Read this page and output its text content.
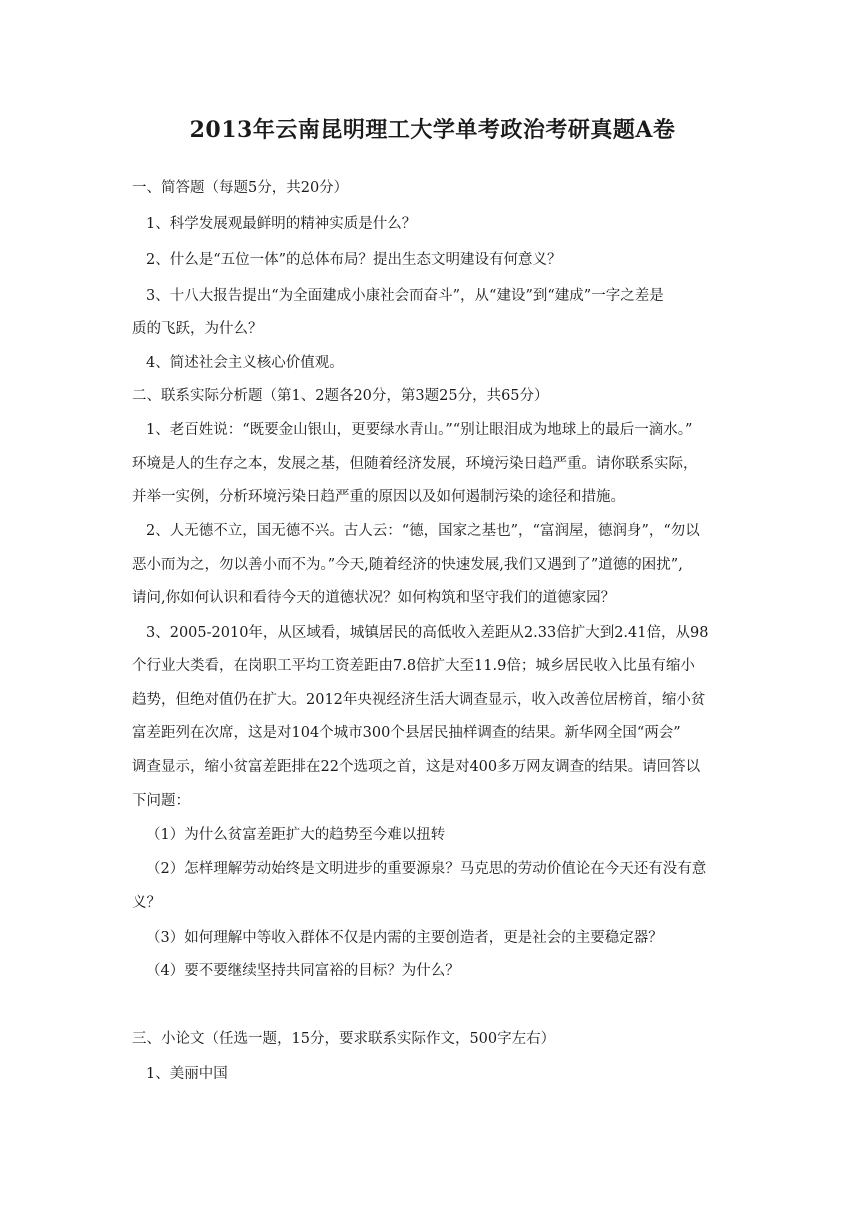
2013年云南昆明理工大学单考政治考研真题A卷
一、简答题（每题5分，共20分）
1、科学发展观最鲜明的精神实质是什么？
2、什么是“五位一体”的总体布局？提出生态文明建设有何意义？
3、十八大报告提出“为全面建成小康社会而奋斗”，从“建设”到“建成”一字之差是
质的飞跃，为什么？
4、简述社会主义核心价值观。
二、联系实际分析题（第1、2题各20分，第3题25分，共65分）
1、老百姓说：“既要金山银山，更要绿水青山。”“别让眼泪成为地球上的最后一滴水。”
环境是人的生存之本，发展之基，但随着经济发展，环境污染日趋严重。请你联系实际，
并举一实例，分析环境污染日趋严重的原因以及如何遏制污染的途径和措施。
2、人无德不立，国无德不兴。古人云：“德，国家之基也”，“富润屋，德润身”，“勿以
恶小而为之，勿以善小而不为。”今天,随着经济的快速发展,我们又遇到了”道德的困扰”,
请问,你如何认识和看待今天的道德状况？如何构筑和坚守我们的道德家园？
3、2005-2010年，从区域看，城镇居民的高低收入差距从2.33倍扩大到2.41倍，从98
个行业大类看，在岗职工平均工资差距由7.8倍扩大至11.9倍；城乡居民收入比虽有缩小
趋势，但绝对值仍在扩大。2012年央视经济生活大调查显示，收入改善位居榜首，缩小贫
富差距列在次席，这是对104个城市300个县居民抽样调查的结果。新华网全国“两会”
调查显示，缩小贫富差距排在22个选项之首，这是对400多万网友调查的结果。请回答以
下问题：
（1）为什么贫富差距扩大的趋势至今难以扭转
（2）怎样理解劳动始终是文明进步的重要源泉？马克思的劳动价值论在今天还有没有意
义？
（3）如何理解中等收入群体不仅是内需的主要创造者，更是社会的主要稳定器？
（4）要不要继续坚持共同富裕的目标？为什么？
三、小论文（任选一题，15分，要求联系实际作文，500字左右）
1、美丽中国
